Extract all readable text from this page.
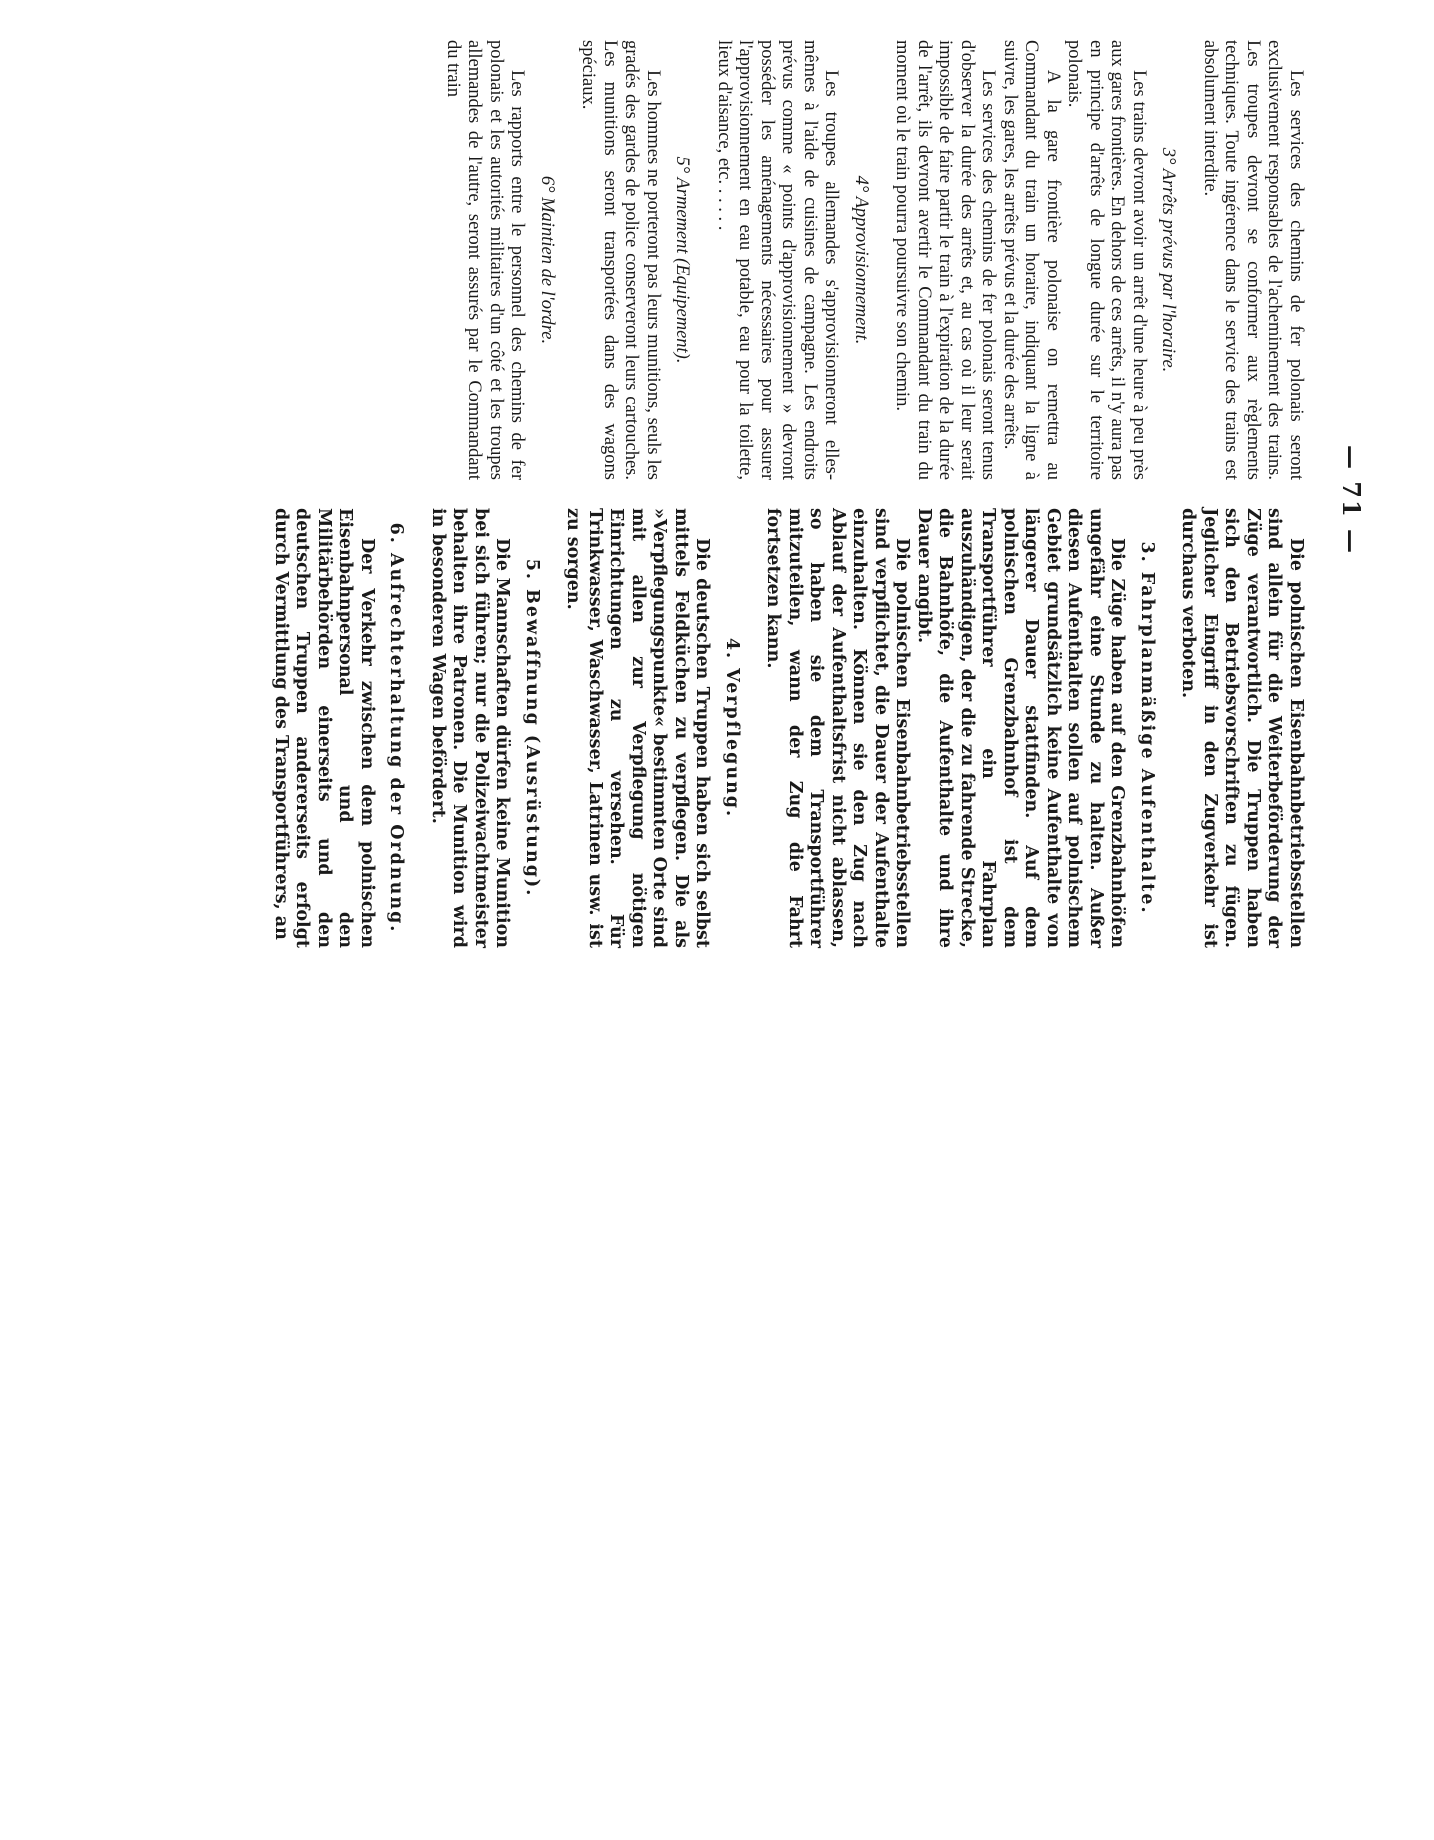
— 71 —

Les services des chemins de fer polonais seront exclusivement responsables de l'acheminement des trains. Les troupes devront se conformer aux règlements techniques. Toute ingérence dans le service des trains est absolument interdite.

3° Arrêts prévus par l'horaire.

Les trains devront avoir un arrêt d'une heure à peu près aux gares frontières. En dehors de ces arrêts, il n'y aura pas en principe d'arrêts de longue durée sur le territoire polonais.

A la gare frontière polonaise on remettra au Commandant du train un horaire, indiquant la ligne à suivre, les gares, les arrêts prévus et la durée des arrêts.

Les services des chemins de fer polonais seront tenus d'observer la durée des arrêts et, au cas où il leur serait impossible de faire partir le train à l'expiration de la durée de l'arrêt, ils devront avertir le Commandant du train du moment où le train pourra poursuivre son chemin.

4° Approvisionnement.

Les troupes allemandes s'approvisionneront elles-mêmes à l'aide de cuisines de campagne. Les endroits prévus comme « points d'approvisionnement » devront posséder les aménagements nécessaires pour assurer l'approvisionnement en eau potable, eau pour la toilette, lieux d'aisance, etc. . . . . .

5° Armement (Equipement).

Les hommes ne porteront pas leurs munitions, seuls les gradés des gardes de police conserveront leurs cartouches. Les munitions seront transportées dans des wagons spéciaux.

6° Maintien de l'ordre.

Les rapports entre le personnel des chemins de fer polonais et les autorités militaires d'un côté et les troupes allemandes de l'autre, seront assurés par le Commandant du train

Die polnischen Eisenbahnbetriebsstellen sind allein für die Weiterbeförderung der Züge verantwortlich. Die Truppen haben sich den Betriebsvorschriften zu fügen. Jeglicher Eingriff in den Zugverkehr ist durchaus verboten.

3. Fahrplanmäßige Aufenthalte.

Die Züge haben auf den Grenzbahnhöfen ungefähr eine Stunde zu halten. Außer diesen Aufenthalten sollen auf polnischem Gebiet grundsätzlich keine Aufenthalte von längerer Dauer stattfinden. Auf dem polnischen Grenzbahnhof ist dem Transportführer ein Fahrplan auszuhändigen, der die zu fahrende Strecke, die Bahnhöfe, die Aufenthalte und ihre Dauer angibt.

Die polnischen Eisenbahnbetriebsstellen sind verpflichtet, die Dauer der Aufenthalte einzuhalten. Können sie den Zug nach Ablauf der Aufenthaltsfrist nicht ablassen, so haben sie dem Transportführer mitzuteilen, wann der Zug die Fahrt fortsetzen kann.

4. Verpflegung.

Die deutschen Truppen haben sich selbst mittels Feldküchen zu verpflegen. Die als »Verpflegungspunkte« bestimmten Orte sind mit allen zur Verpflegung nötigen Einrichtungen zu versehen. Für Trinkwasser, Waschwasser, Latrinen usw. ist zu sorgen.

5. Bewaffnung (Ausrüstung).

Die Mannschaften dürfen keine Munition bei sich führen; nur die Polizeiwachtmeister behalten ihre Patronen. Die Munition wird in besonderen Wagen befördert.

6. Aufrechterhaltung der Ordnung.

Der Verkehr zwischen dem polnischen Eisenbahnpersonal und den Militärbehörden einerseits und den deutschen Truppen andererseits erfolgt durch Vermittlung des Transportführers, an
